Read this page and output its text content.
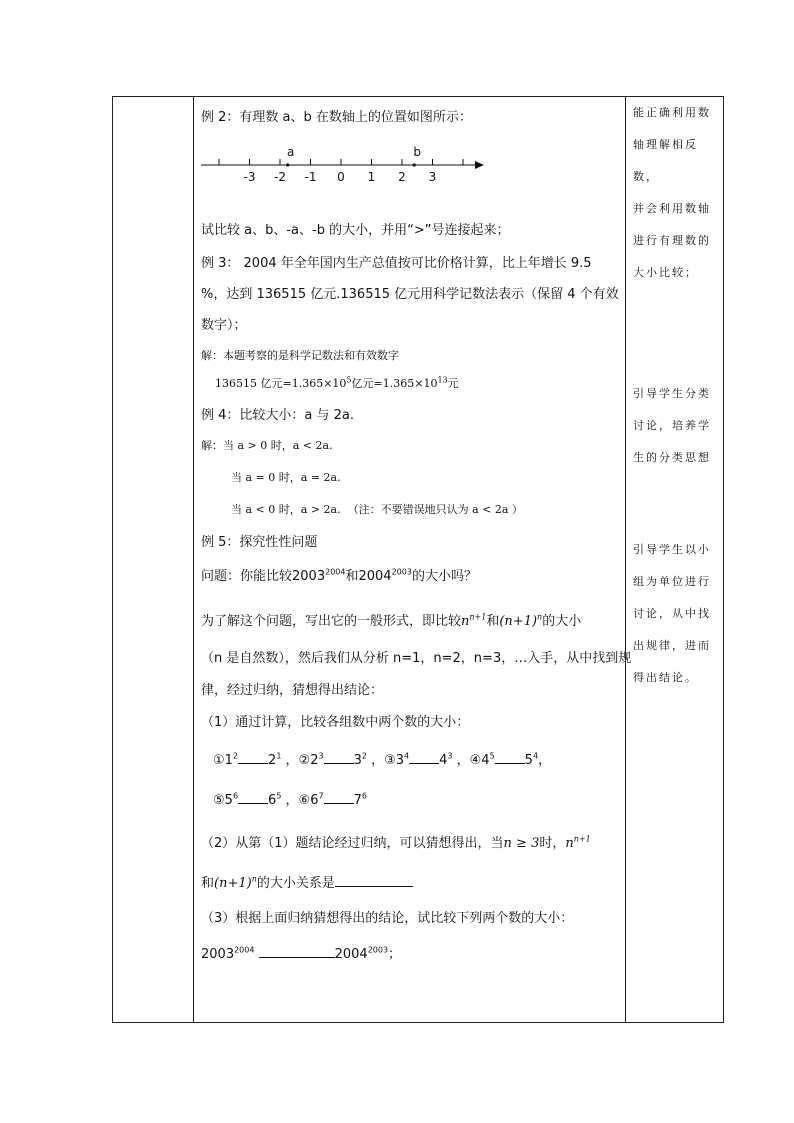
例 2：有理数 a、b 在数轴上的位置如图所示：
-3 -2 -1 0 1 2 3
a	b
试比较 a、b、-a、-b 的大小，并用“>”号连接起来；
例 3： 2004 年全年国内生产总值按可比价格计算，比上年增长 9.5
%，达到 136515 亿元.136515 亿元用科学记数法表示（保留 4 个有效
数字）；
解：本题考察的是科学记数法和有效数字
136515 亿元$=1.365\times 10^5$亿元$=1.365\times 10^{13}$元
例 4：比较大小：a 与 2a.
解：当 a > 0 时，a < 2a.
当 a = 0 时，a = 2a.
当 a < 0 时，a > 2a. （注：不要错误地只认为 a < 2a ）
例 5：探究性性问题
问题：你能比较$2003^{2004}$和$2004^{2003}$的大小吗？
为了解这个问题，写出它的一般形式，即比较$n^{n+1}$和$(n+1)^n$的大小
（n 是自然数），然后我们从分析 n=1，n=2，n=3，…入手，从中找到规
律，经过归纳，猜想得出结论：
（1）通过计算，比较各组数中两个数的大小：
$①1^2$ $2^1$ ，$②2^3$ $3^2$ ，$③3^4$ $4^3$ ，$④4^5$ $5^4$，
$⑤5^6$ $6^5$ ，$⑥6^7$ $7^6$
（2）从第（1）题结论经过归纳，可以猜想得出，当n ≥ 3时，$n^{n+1}$
和$(n+1)^n$的大小关系是
（3）根据上面归纳猜想得出的结论，试比较下列两个数的大小：
$2003^{2004}$	$2004^{2003}$；
能正确利用数
轴理解相反数，
并会利用数轴
进行有理数的
大小比较；
引导学生分类
讨论，培养学
生的分类思想
引导学生以小
组为单位进行
讨论，从中找
出规律，进而
得出结论。
